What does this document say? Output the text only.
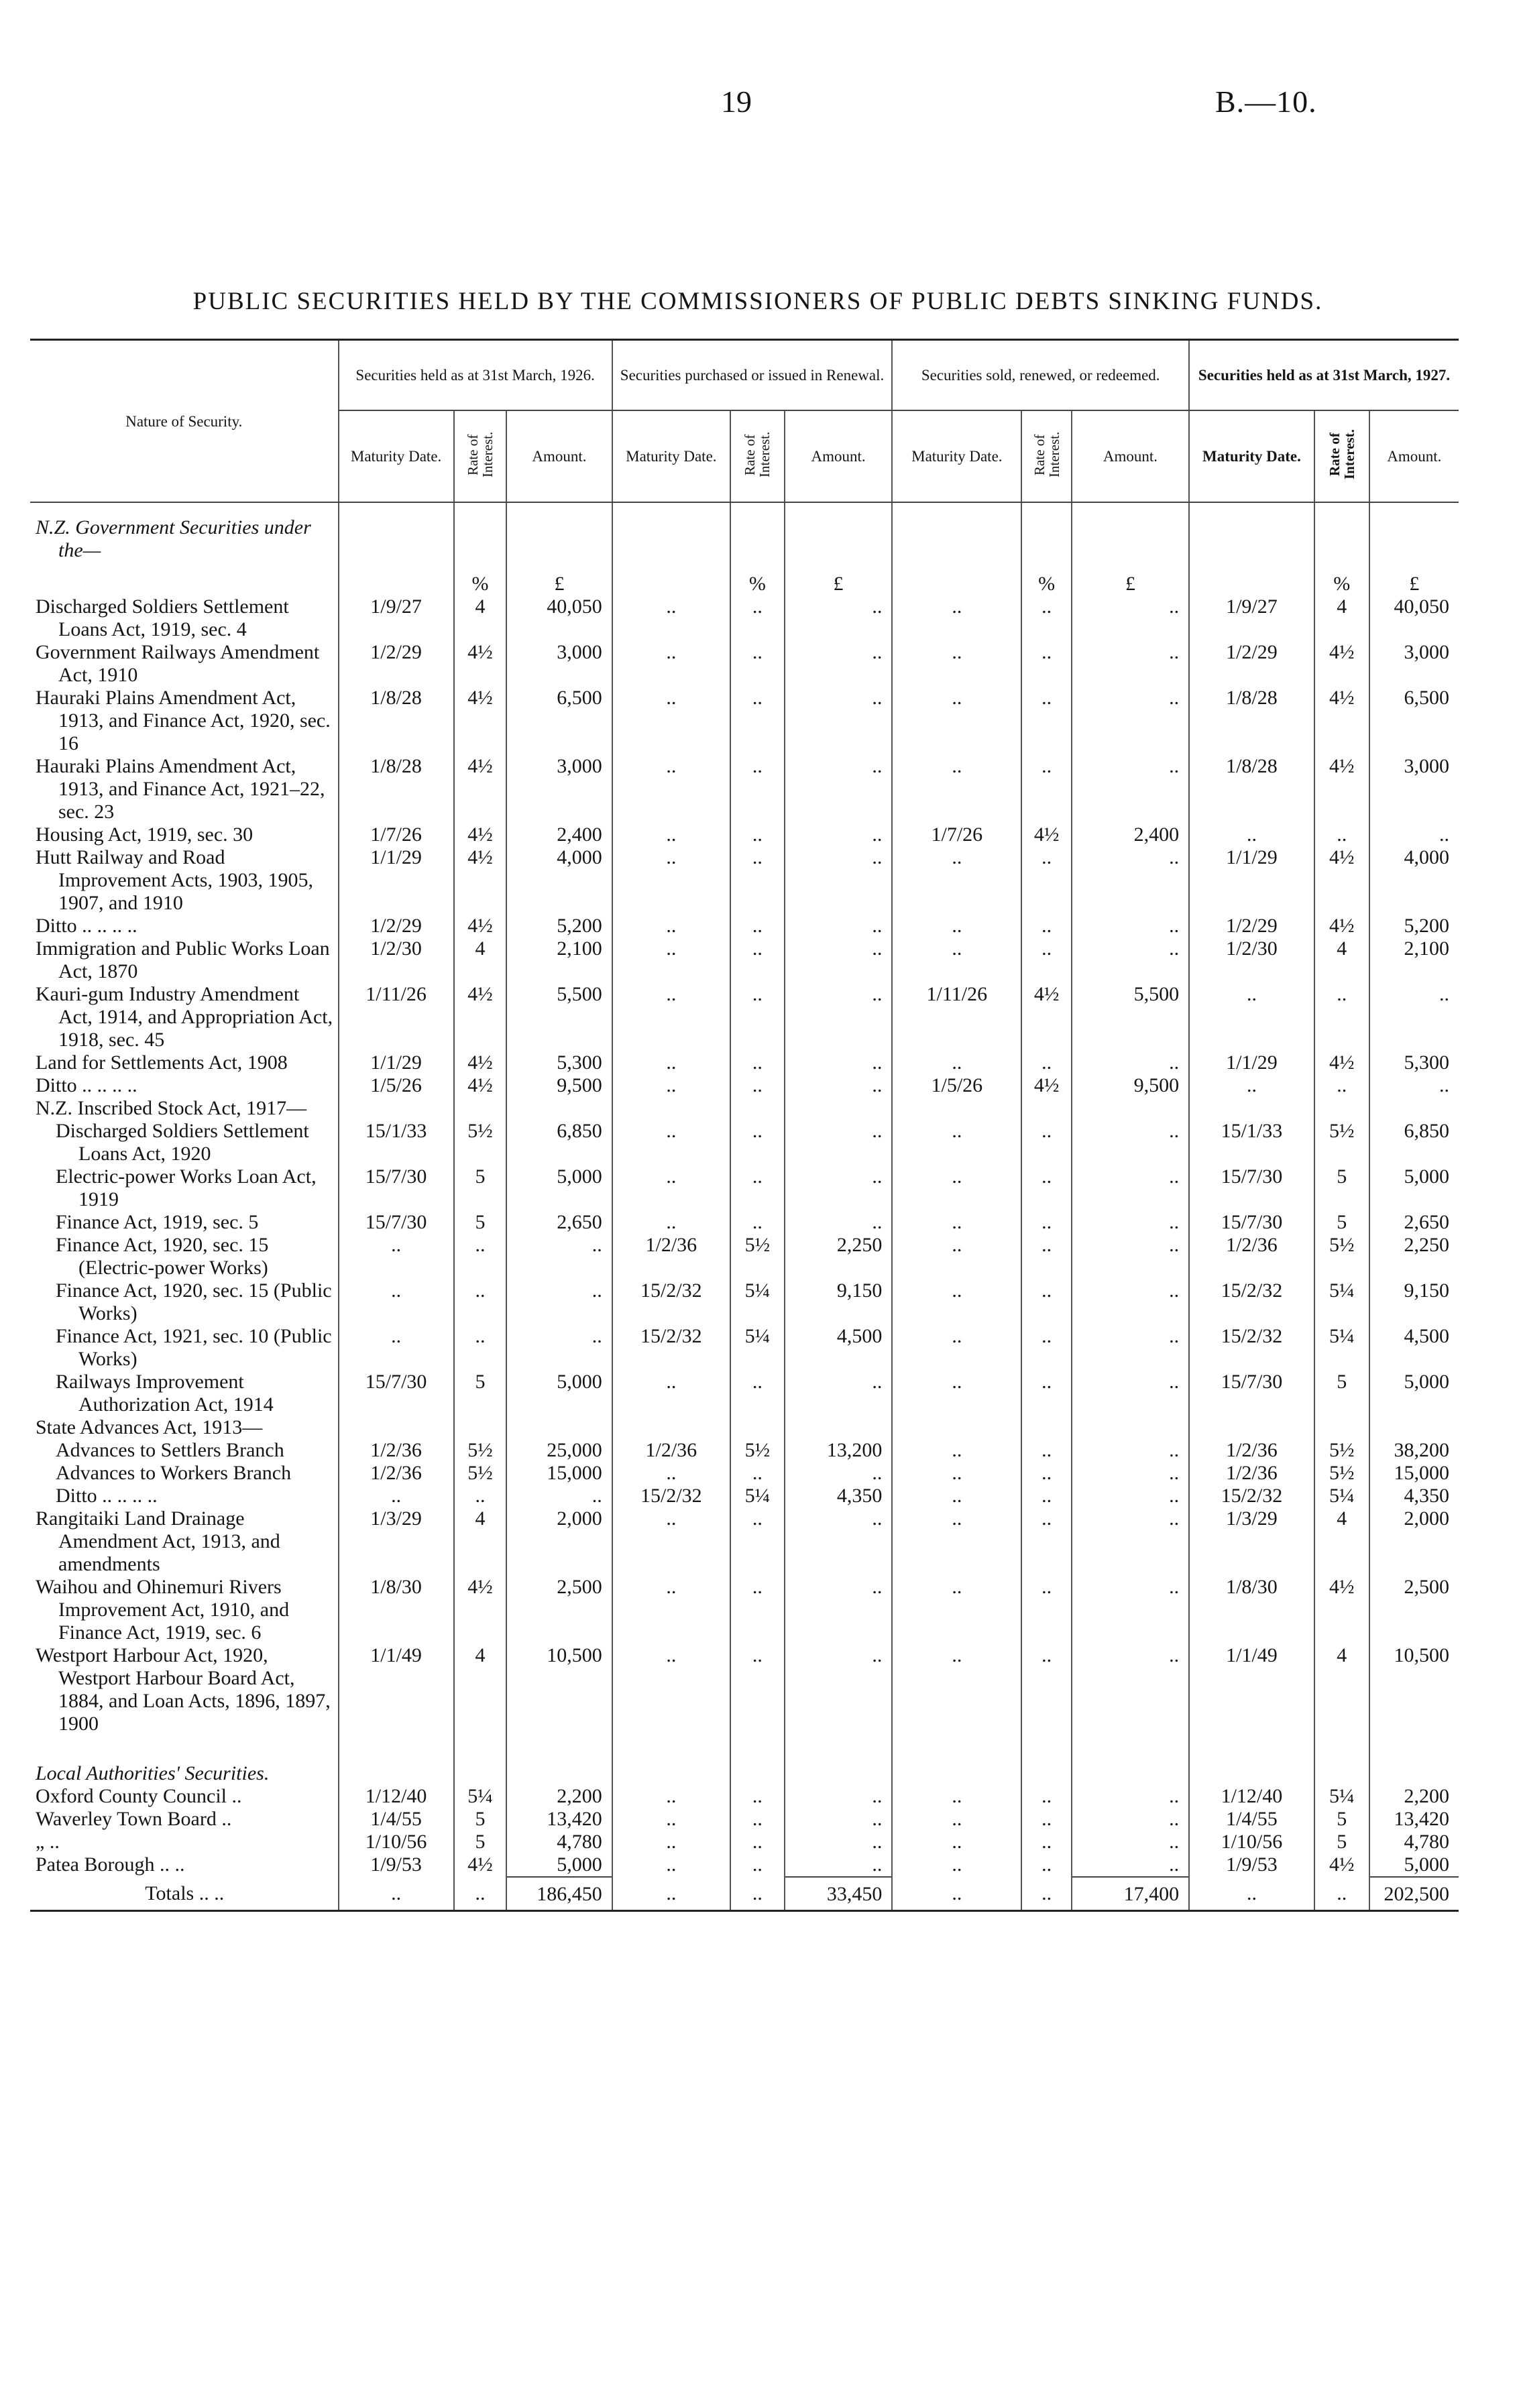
19	B.—10.
PUBLIC SECURITIES HELD BY THE COMMISSIONERS OF PUBLIC DEBTS SINKING FUNDS.
Nature of Security.	Securities held as at 31st March, 1926.			Securities purchased or issued in Renewal.			Securities sold, renewed, or redeemed.			Securities held as at 31st March, 1927.		
	Maturity Date.	Rate of Interest.	Amount.	Maturity Date.	Rate of Interest.	Amount.	Maturity Date.	Rate of Interest.	Amount.	Maturity Date.	Rate of Interest.	Amount.

N.Z. Government Securities under the—												

		%	£		%	£		%	£		%	£

Discharged Soldiers Settlement Loans Act, 1919, sec. 4	1/9/27	4	40,050	..	..	..	..	..	..	1/9/27	4	40,050

Government Railways Amendment Act, 1910	1/2/29	4½	3,000	..	..	..	..	..	..	1/2/29	4½	3,000

Hauraki Plains Amendment Act, 1913, and Finance Act, 1920, sec. 16	1/8/28	4½	6,500	..	..	..	..	..	..	1/8/28	4½	6,500

Hauraki Plains Amendment Act, 1913, and Finance Act, 1921–22, sec. 23	1/8/28	4½	3,000	..	..	..	..	..	..	1/8/28	4½	3,000

Housing Act, 1919, sec. 30	1/7/26	4½	2,400	..	..	..	1/7/26	4½	2,400	..	..	..

Hutt Railway and Road Improvement Acts, 1903, 1905, 1907, and 1910	1/1/29	4½	4,000	..	..	..	..	..	..	1/1/29	4½	4,000

Ditto .. .. .. ..	1/2/29	4½	5,200	..	..	..	..	..	..	1/2/29	4½	5,200

Immigration and Public Works Loan Act, 1870	1/2/30	4	2,100	..	..	..	..	..	..	1/2/30	4	2,100

Kauri-gum Industry Amendment Act, 1914, and Appropriation Act, 1918, sec. 45	1/11/26	4½	5,500	..	..	..	1/11/26	4½	5,500	..	..	..

Land for Settlements Act, 1908	1/1/29	4½	5,300	..	..	..	..	..	..	1/1/29	4½	5,300

Ditto .. .. .. ..	1/5/26	4½	9,500	..	..	..	1/5/26	4½	9,500	..	..	..

N.Z. Inscribed Stock Act, 1917—												

Discharged Soldiers Settlement Loans Act, 1920	15/1/33	5½	6,850	..	..	..	..	..	..	15/1/33	5½	6,850

Electric-power Works Loan Act, 1919	15/7/30	5	5,000	..	..	..	..	..	..	15/7/30	5	5,000

Finance Act, 1919, sec. 5	15/7/30	5	2,650	..	..	..	..	..	..	15/7/30	5	2,650

Finance Act, 1920, sec. 15 (Electric-power Works)	..	..	..	1/2/36	5½	2,250	..	..	..	1/2/36	5½	2,250

Finance Act, 1920, sec. 15 (Public Works)	..	..	..	15/2/32	5¼	9,150	..	..	..	15/2/32	5¼	9,150

Finance Act, 1921, sec. 10 (Public Works)	..	..	..	15/2/32	5¼	4,500	..	..	..	15/2/32	5¼	4,500

Railways Improvement Authorization Act, 1914	15/7/30	5	5,000	..	..	..	..	..	..	15/7/30	5	5,000

State Advances Act, 1913—												

Advances to Settlers Branch	1/2/36	5½	25,000	1/2/36	5½	13,200	..	..	..	1/2/36	5½	38,200

Advances to Workers Branch	1/2/36	5½	15,000	..	..	..	..	..	..	1/2/36	5½	15,000

Ditto .. .. .. ..	..	..	..	15/2/32	5¼	4,350	..	..	..	15/2/32	5¼	4,350

Rangitaiki Land Drainage Amendment Act, 1913, and amendments	1/3/29	4	2,000	..	..	..	..	..	..	1/3/29	4	2,000

Waihou and Ohinemuri Rivers Improvement Act, 1910, and Finance Act, 1919, sec. 6	1/8/30	4½	2,500	..	..	..	..	..	..	1/8/30	4½	2,500

Westport Harbour Act, 1920, Westport Harbour Board Act, 1884, and Loan Acts, 1896, 1897, 1900	1/1/49	4	10,500	..	..	..	..	..	..	1/1/49	4	10,500

Local Authorities' Securities.												

Oxford County Council ..	1/12/40	5¼	2,200	..	..	..	..	..	..	1/12/40	5¼	2,200

Waverley Town Board ..	1/4/55	5	13,420	..	..	..	..	..	..	1/4/55	5	13,420

„ ..	1/10/56	5	4,780	..	..	..	..	..	..	1/10/56	5	4,780

Patea Borough .. ..	1/9/53	4½	5,000	..	..	..	..	..	..	1/9/53	4½	5,000

Totals .. ..	..	..	186,450	..	..	33,450	..	..	17,400	..	..	202,500
